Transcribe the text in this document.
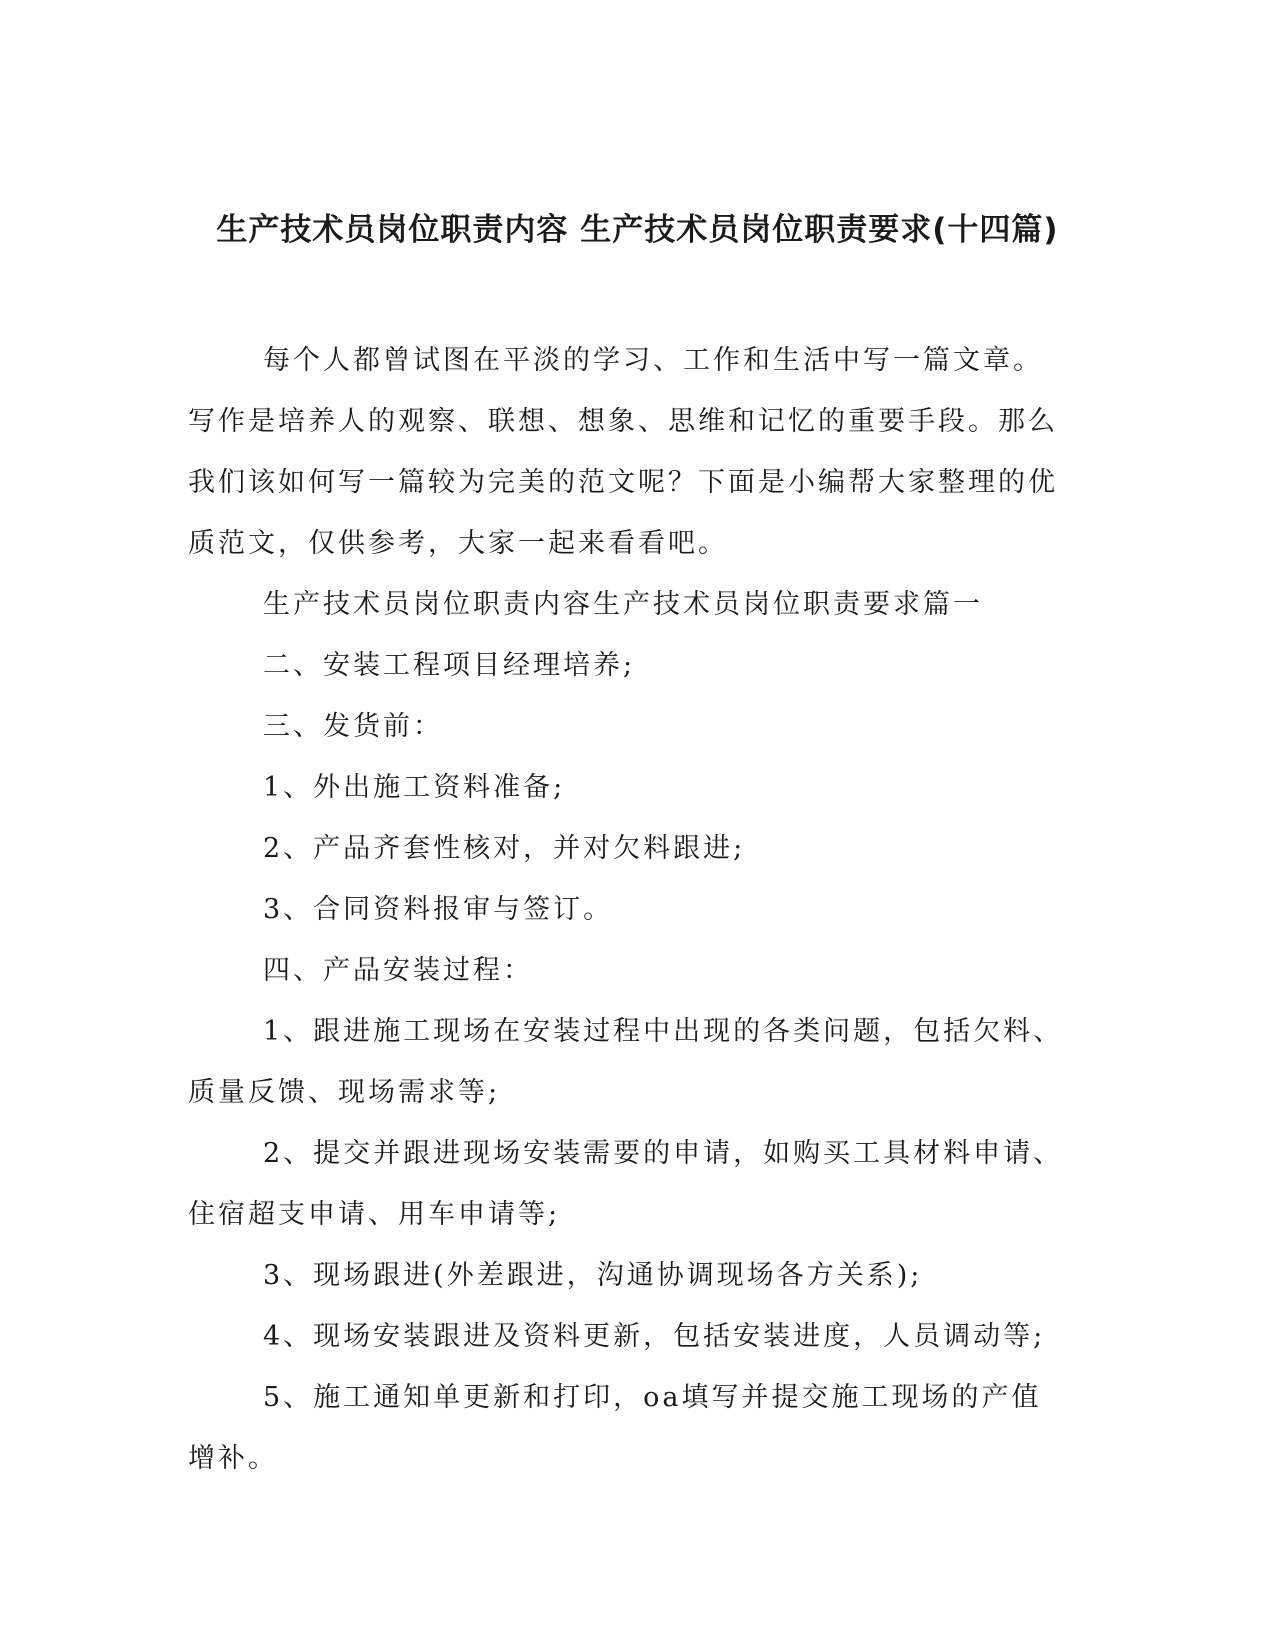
生产技术员岗位职责内容 生产技术员岗位职责要求(十四篇)

每个人都曾试图在平淡的学习、工作和生活中写一篇文章。写作是培养人的观察、联想、想象、思维和记忆的重要手段。那么我们该如何写一篇较为完美的范文呢？下面是小编帮大家整理的优质范文，仅供参考，大家一起来看看吧。

生产技术员岗位职责内容生产技术员岗位职责要求篇一

二、安装工程项目经理培养;

三、发货前：

1、外出施工资料准备;

2、产品齐套性核对，并对欠料跟进;

3、合同资料报审与签订。

四、产品安装过程：

1、跟进施工现场在安装过程中出现的各类问题，包括欠料、质量反馈、现场需求等;

2、提交并跟进现场安装需要的申请，如购买工具材料申请、住宿超支申请、用车申请等;

3、现场跟进(外差跟进，沟通协调现场各方关系);

4、现场安装跟进及资料更新，包括安装进度，人员调动等;

5、施工通知单更新和打印，oa填写并提交施工现场的产值增补。
